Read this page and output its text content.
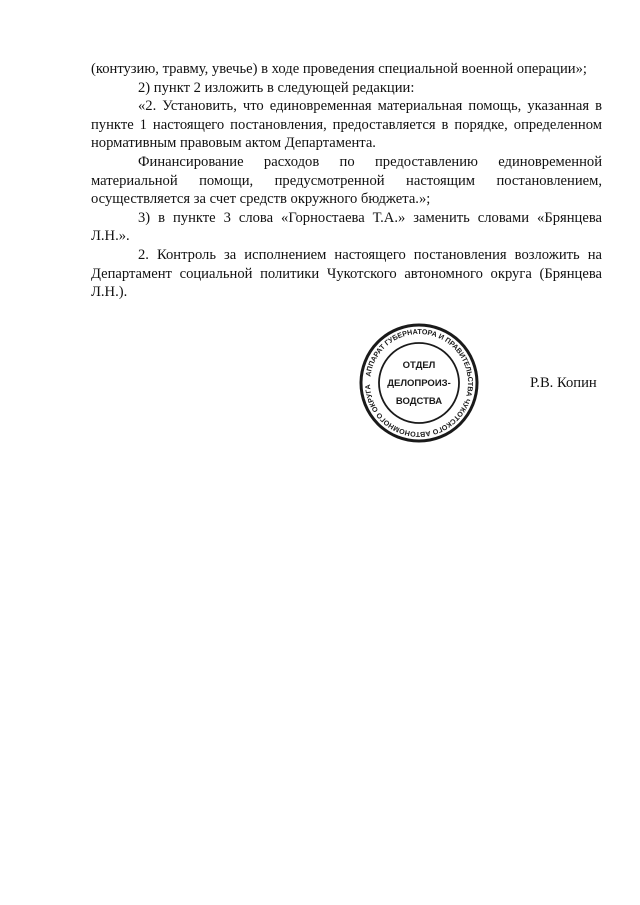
(контузию, травму, увечье) в ходе проведения специальной военной операции»;

2) пункт 2 изложить в следующей редакции:

«2. Установить, что единовременная материальная помощь, указанная в пункте 1 настоящего постановления, предоставляется в порядке, определенном нормативным правовым актом Департамента.

Финансирование расходов по предоставлению единовременной материальной помощи, предусмотренной настоящим постановлением, осуществляется за счет средств окружного бюджета.»;

3) в пункте 3 слова «Горностаева Т.А.» заменить словами «Брянцева Л.Н.».

2. Контроль за исполнением настоящего постановления возложить на Департамент социальной политики Чукотского автономного округа (Брянцева Л.Н.).

АППАРАТ ГУБЕРНАТОРА И ПРАВИТЕЛЬСТВА ЧУКОТСКОГО АВТОНОМНОГО ОКРУГА
ОТДЕЛ
ДЕЛОПРОИЗ-
ВОДСТВА
Р.В. Копин
